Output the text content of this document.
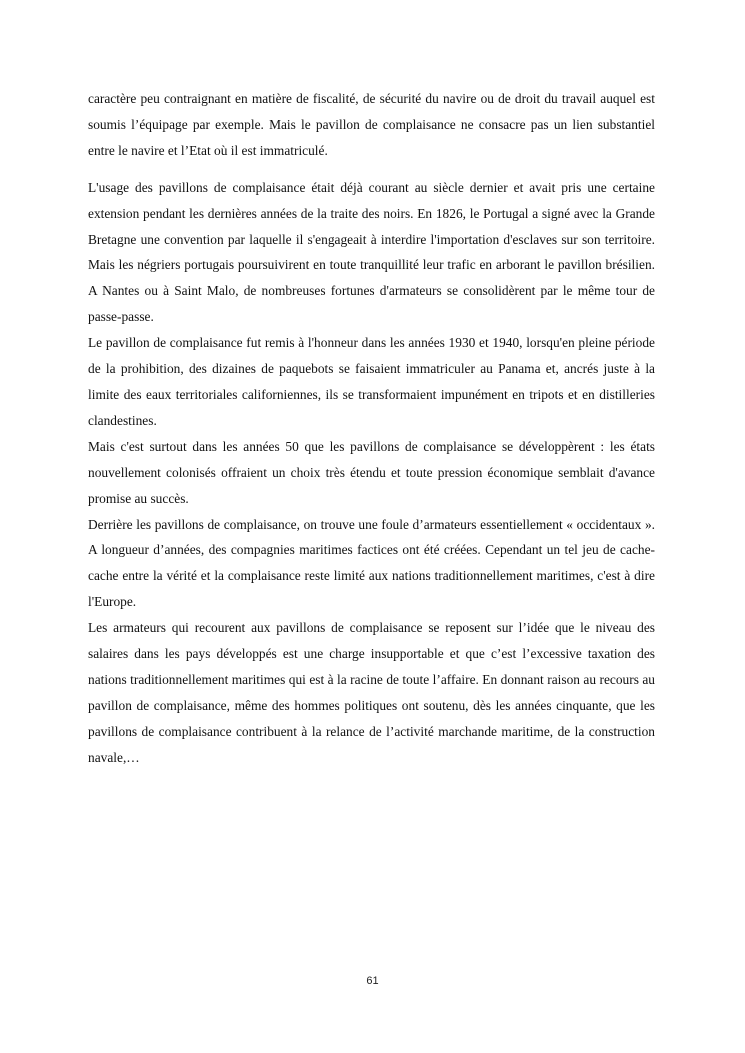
caractère peu contraignant en matière de fiscalité, de sécurité du navire ou de droit du travail auquel est soumis l’équipage par exemple. Mais le pavillon de complaisance ne consacre pas un lien substantiel entre le navire et l’Etat où il est immatriculé.

L'usage des pavillons de complaisance était déjà courant au siècle dernier et avait pris une certaine extension pendant les dernières années de la traite des noirs. En 1826, le Portugal a signé avec la Grande Bretagne une convention par laquelle il s'engageait à interdire l'importation d'esclaves sur son territoire. Mais les négriers portugais poursuivirent en toute tranquillité leur trafic en arborant le pavillon brésilien. A Nantes ou à Saint Malo, de nombreuses fortunes d'armateurs se consolidèrent par le même tour de passe-passe.

Le pavillon de complaisance fut remis à l'honneur dans les années 1930 et 1940, lorsqu'en pleine période de la prohibition, des dizaines de paquebots se faisaient immatriculer au Panama et, ancrés juste à la limite des eaux territoriales californiennes, ils se transformaient impunément en tripots et en distilleries clandestines.

Mais c'est surtout dans les années 50 que les pavillons de complaisance se développèrent : les états nouvellement colonisés offraient un choix très étendu et toute pression économique semblait d'avance promise au succès.

Derrière les pavillons de complaisance, on trouve une foule d’armateurs essentiellement « occidentaux ». A longueur d’années, des compagnies maritimes factices ont été créées. Cependant un tel jeu de cache-cache entre la vérité et la complaisance reste limité aux nations traditionnellement maritimes, c'est à dire l'Europe.

Les armateurs qui recourent aux pavillons de complaisance se reposent sur l’idée que le niveau des salaires dans les pays développés est une charge insupportable et que c’est l’excessive taxation des nations traditionnellement maritimes qui est à la racine de toute l’affaire. En donnant raison au recours au pavillon de complaisance, même des hommes politiques ont soutenu, dès les années cinquante, que les pavillons de complaisance contribuent à la relance de l’activité marchande maritime, de la construction navale,…

61
